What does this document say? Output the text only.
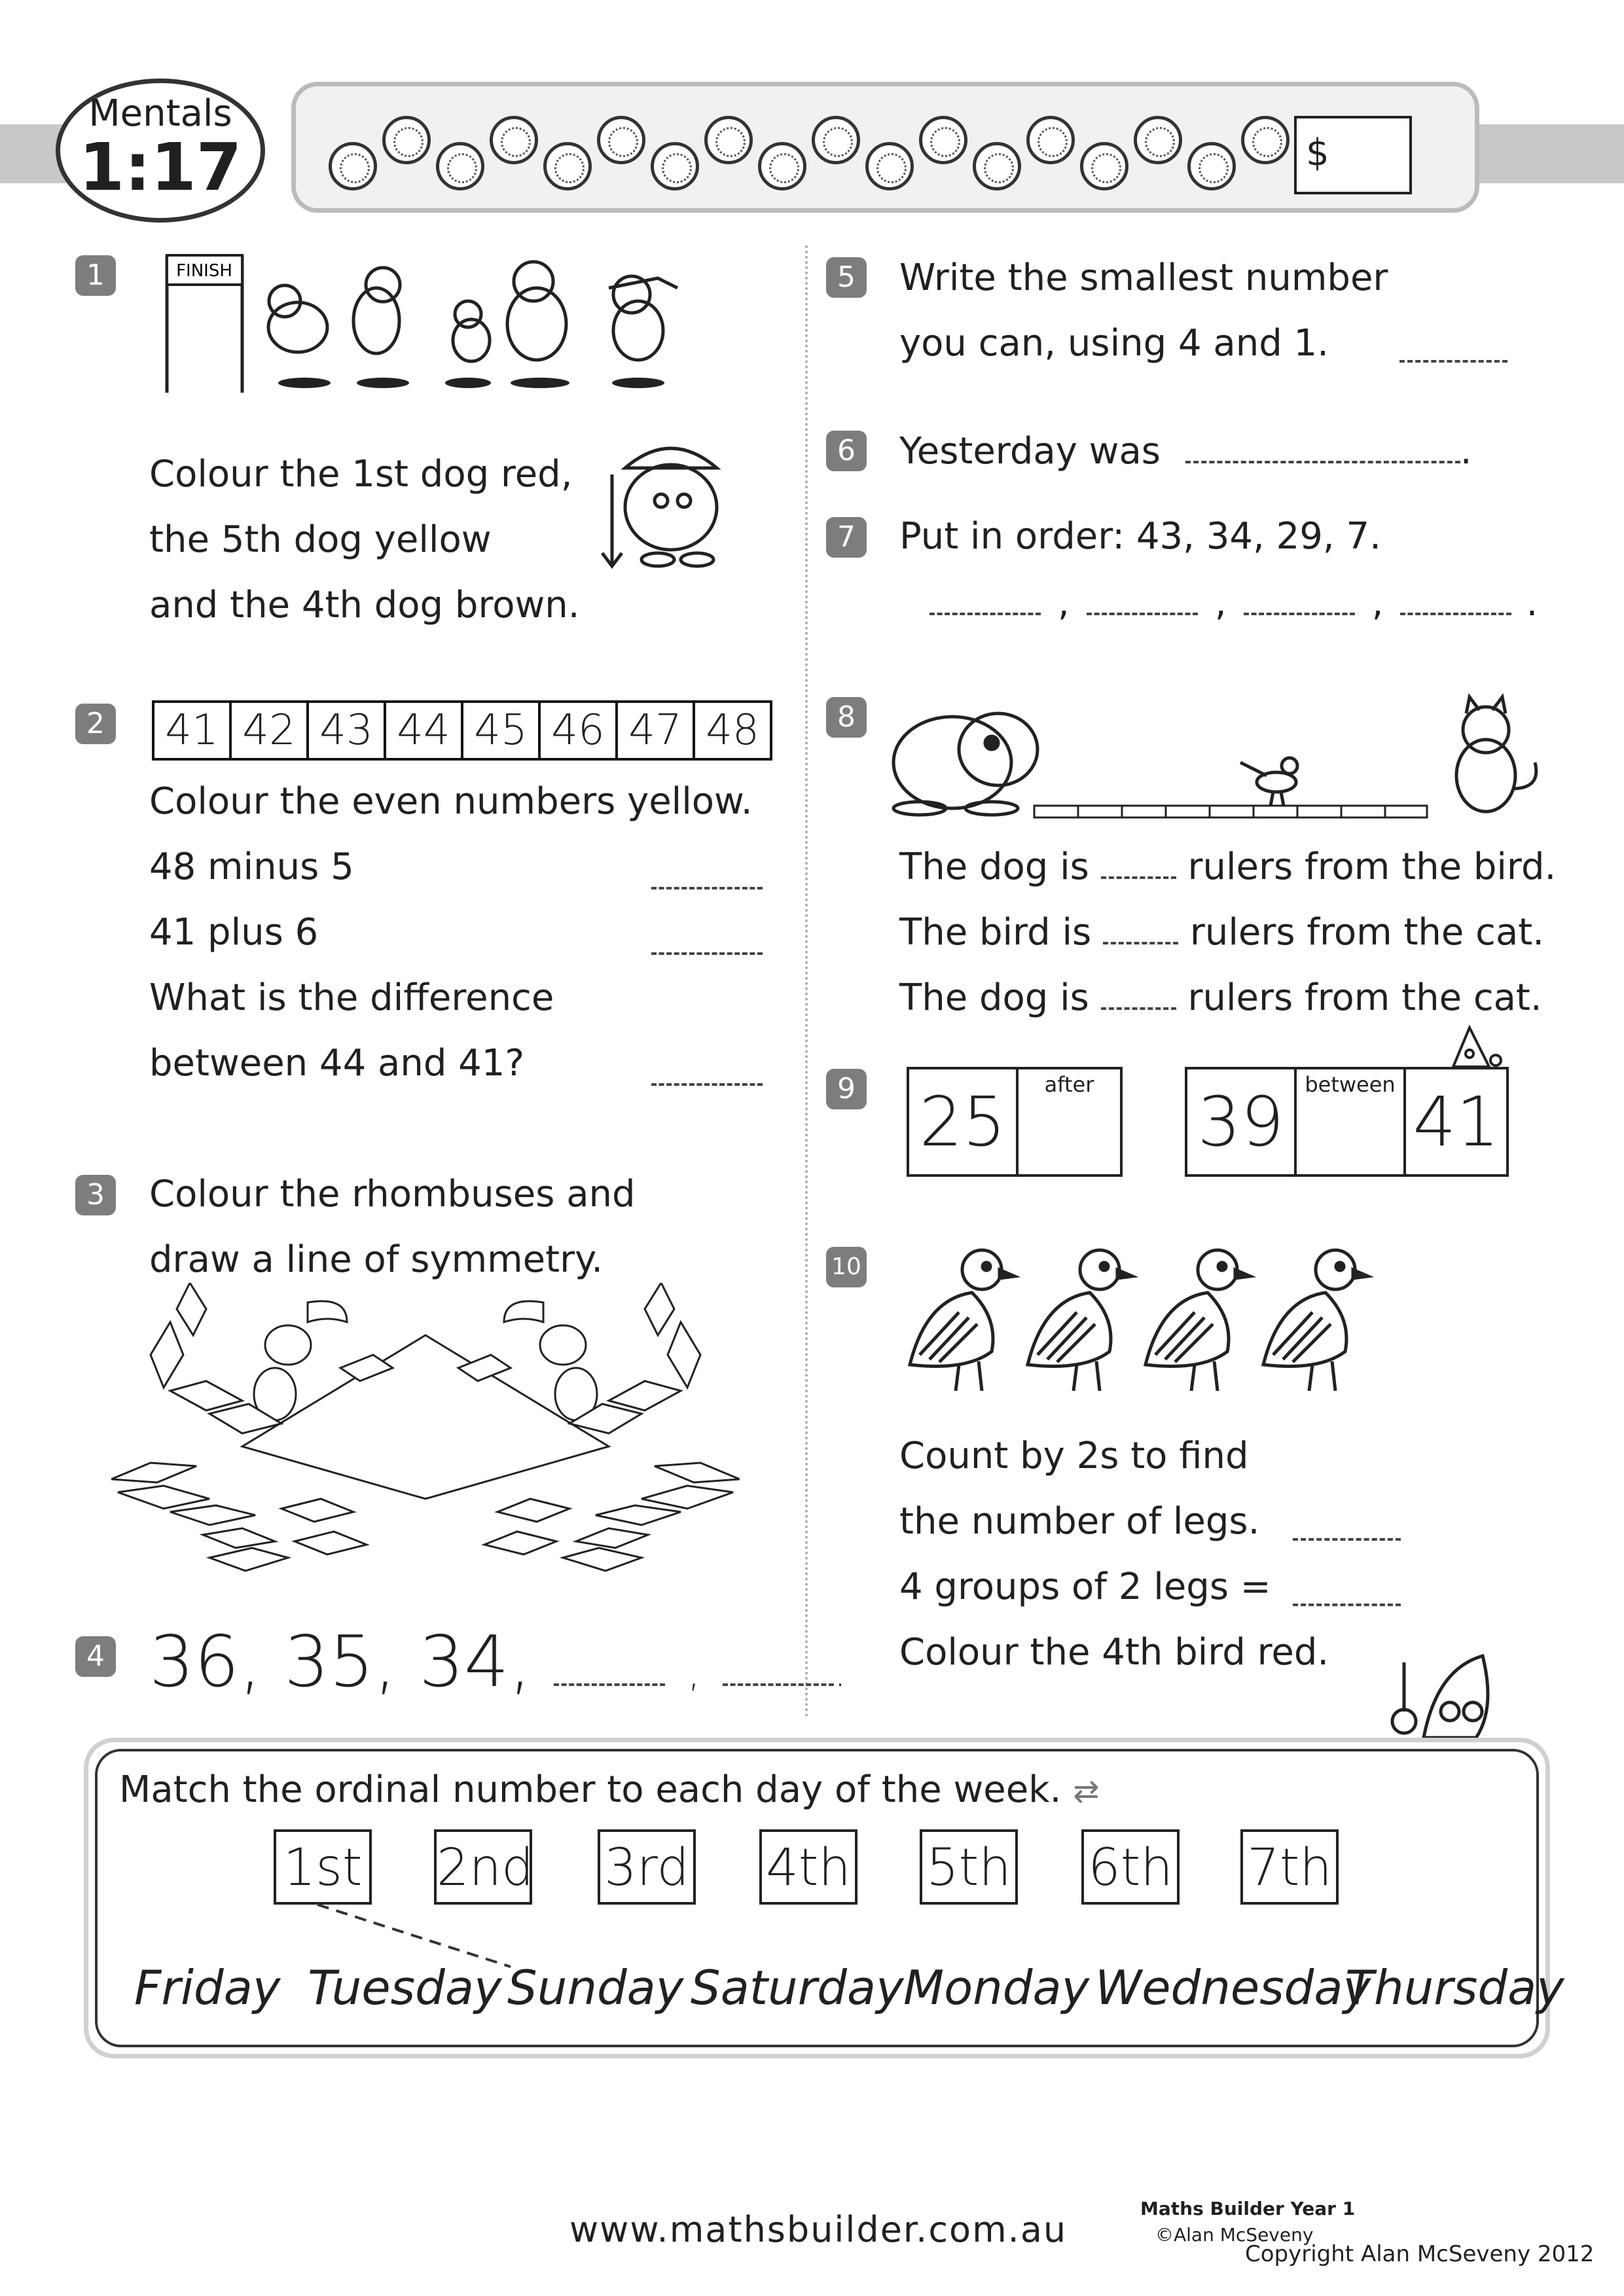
Mentals
1:17	$
1	FINISH
Colour the 1st dog red,
the 5th dog yellow
and the 4th dog brown.
2 41 42 43 44 45 46 47 48
Colour the even numbers yellow.
48 minus 5
41 plus 6
What is the difference
between 44 and 41?
3	Colour the rhombuses and
draw a line of symmetry.
4 36, 35, 34,	,	.
5	Write the smallest number
you can, using 4 and 1.
6	Yesterday was	.
7	Put in order: 43, 34, 29, 7.
,	,	,	.
8
The dog is	rulers from the bird.
The bird is	rulers from the cat.
The dog is	rulers from the cat.
9 25	after	39 between 41
10
Count by 2s to find
the number of legs.
4 groups of 2 legs =
Colour the 4th bird red.
Match the ordinal number to each day of the week. ⇄
1st 2nd 3rd 4th 5th 6th 7th
Friday Tuesday Sunday Saturday Monday Wednesday
Thursday
www.mathsbuilder.com.au
Maths Builder Year 1
©Alan McSeveny
Copyright Alan McSeveny 2012
